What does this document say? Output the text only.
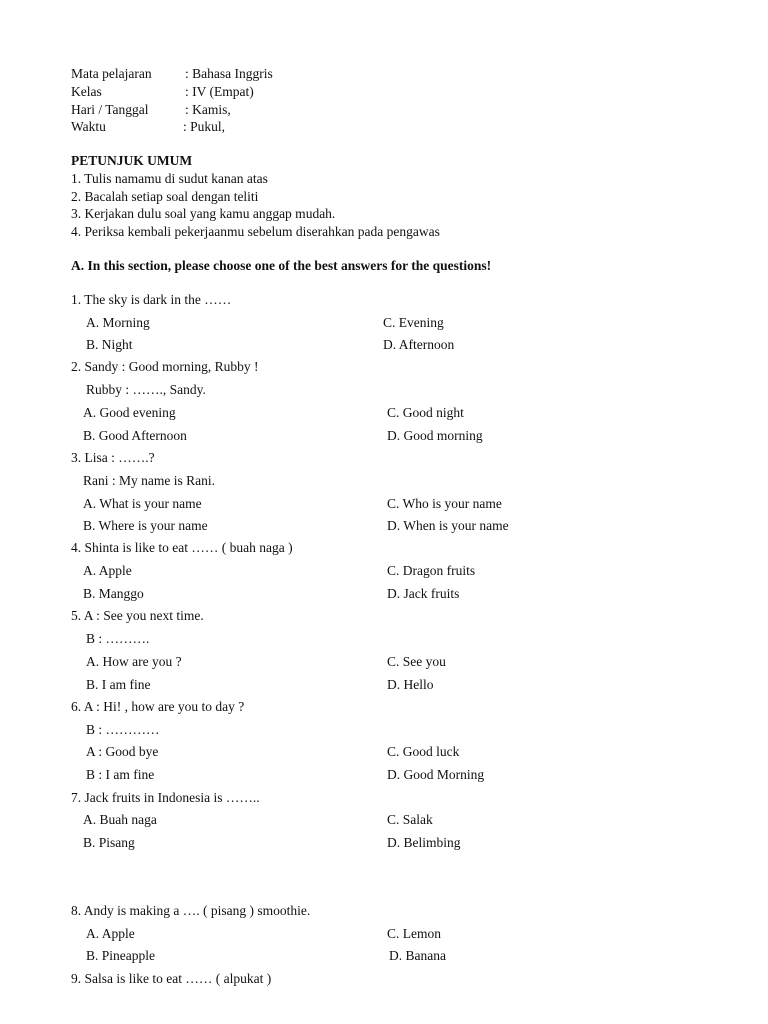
Mata pelajaran : Bahasa Inggris
Kelas	: IV (Empat)
Hari / Tanggal	: Kamis,
Waktu	: Pukul,
PETUNJUK UMUM
1. Tulis namamu di sudut kanan atas
2. Bacalah setiap soal dengan teliti
3. Kerjakan dulu soal yang kamu anggap mudah.
4. Periksa kembali pekerjaanmu sebelum diserahkan pada pengawas
A. In this section, please choose one of the best answers for the questions!
1. The sky is dark in the ……
A. Morning	C. Evening
B. Night	D. Afternoon
2. Sandy : Good morning, Rubby !
Rubby : ……., Sandy.
A. Good evening	C. Good night
B. Good Afternoon	D. Good morning
3. Lisa : …….?
Rani : My name is Rani.
A. What is your name	C. Who is your name
B. Where is your name	D. When is your name
4. Shinta is like to eat …… ( buah naga )
A. Apple	C. Dragon fruits
B. Manggo	D. Jack fruits
5. A : See you next time.
B : ……….
A. How are you ?	C. See you
B. I am fine	D. Hello
6. A : Hi! , how are you to day ?
B : …………
A : Good bye	C. Good luck
B : I am fine	D. Good Morning
7. Jack fruits in Indonesia is ……..
A. Buah naga	C. Salak
B. Pisang	D. Belimbing
8. Andy is making a …. ( pisang ) smoothie.
A. Apple	C. Lemon
B. Pineapple	D. Banana
9. Salsa is like to eat …… ( alpukat )
